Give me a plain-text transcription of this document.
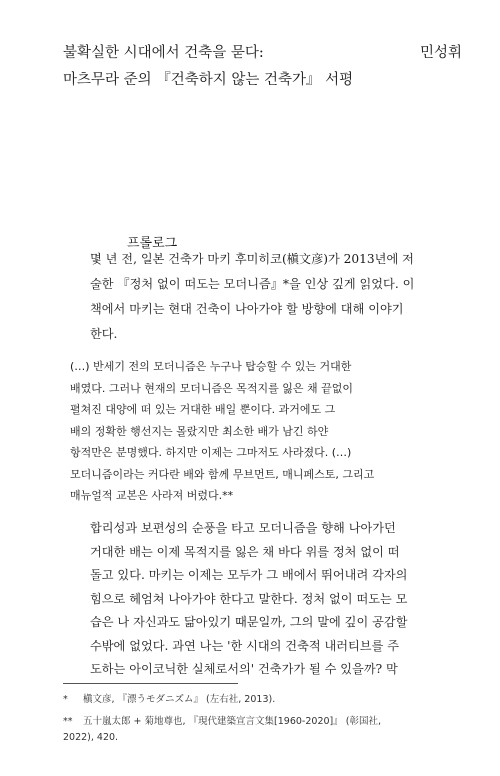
불확실한 시대에서 건축을 묻다:
마츠무라 준의 『건축하지 않는 건축가』 서평
민성휘
프롤로그
몇 년 전, 일본 건축가 마키 후미히코(槇文彦)가 2013년에 저
술한 『정처 없이 떠도는 모더니즘』*을 인상 깊게 읽었다. 이
책에서 마키는 현대 건축이 나아가야 할 방향에 대해 이야기
한다.
(…) 반세기 전의 모더니즘은 누구나 탑승할 수 있는 거대한
배였다. 그러나 현재의 모더니즘은 목적지를 잃은 채 끝없이
펼쳐진 대양에 떠 있는 거대한 배일 뿐이다. 과거에도 그
배의 정확한 행선지는 몰랐지만 최소한 배가 남긴 하얀
항적만은 분명했다. 하지만 이제는 그마저도 사라졌다. (…)
모더니즘이라는 커다란 배와 함께 무브먼트, 매니페스토, 그리고
매뉴얼적 교본은 사라져 버렸다.**
합리성과 보편성의 순풍을 타고 모더니즘을 향해 나아가던
거대한 배는 이제 목적지를 잃은 채 바다 위를 정처 없이 떠
돌고 있다. 마키는 이제는 모두가 그 배에서 뛰어내려 각자의
힘으로 헤엄쳐 나아가야 한다고 말한다. 정처 없이 떠도는 모
습은 나 자신과도 닮아있기 때문일까, 그의 말에 깊이 공감할
수밖에 없었다. 과연 나는 '한 시대의 건축적 내러티브를 주
도하는 아이코닉한 실체로서의' 건축가가 될 수 있을까? 막
* 槇文彦, 『漂うモダニズム』 (左右社, 2013).
** 五十嵐太郎 + 菊地尊也, 『現代建築宣言文集[1960-2020]』 (彰国社,
2022), 420.
